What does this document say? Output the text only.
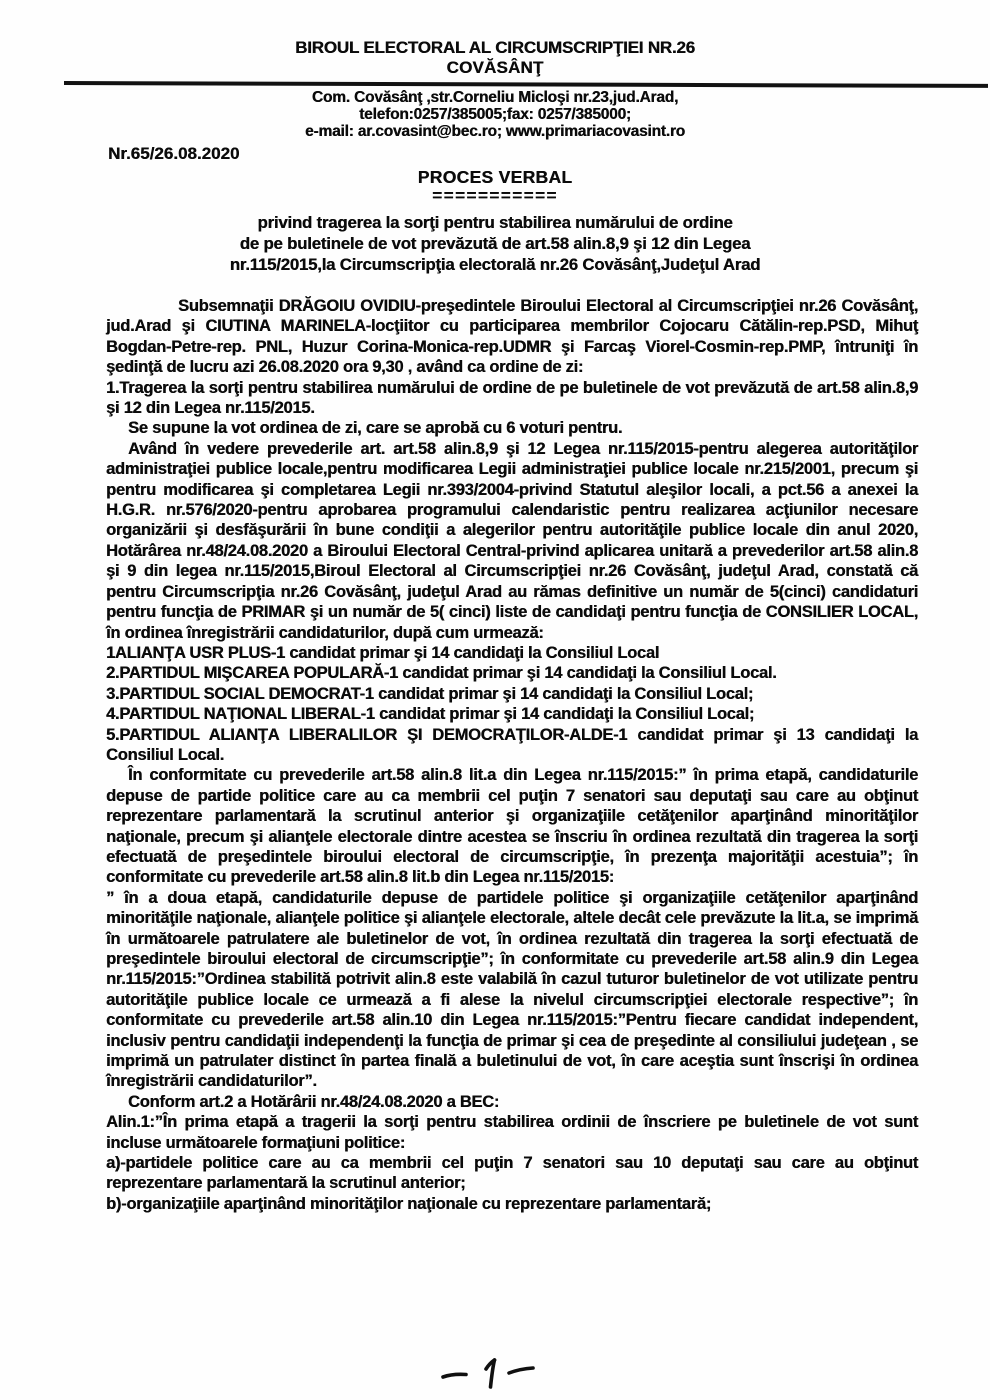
BIROUL ELECTORAL AL CIRCUMSCRIPŢIEI NR.26
COVĂSÂNŢ
Com. Covăsânţ ,str.Corneliu Micloşi nr.23,jud.Arad,
telefon:0257/385005;fax: 0257/385000;
e-mail: ar.covasint@bec.ro; www.primariacovasint.ro
Nr.65/26.08.2020
PROCES VERBAL
===========
privind tragerea la sorţi pentru stabilirea numărului de ordine
de pe buletinele de vot prevăzută de art.58 alin.8,9 şi 12 din Legea
nr.115/2015,la Circumscripţia electorală nr.26 Covăsânţ,Judeţul Arad

Subsemnaţii DRĂGOIU OVIDIU-preşedintele Biroului Electoral al Circumscripţiei nr.26 Covăsânţ, jud.Arad şi CIUTINA MARINELA-locţiitor cu participarea membrilor Cojocaru Cătălin-rep.PSD, Mihuţ Bogdan-Petre-rep. PNL, Huzur Corina-Monica-rep.UDMR şi Farcaş Viorel-Cosmin-rep.PMP, întruniţi în şedinţă de lucru azi 26.08.2020 ora 9,30 , având ca ordine de zi:

1.Tragerea la sorţi pentru stabilirea numărului de ordine de pe buletinele de vot prevăzută de art.58 alin.8,9 şi 12 din Legea nr.115/2015.

Se supune la vot ordinea de zi, care se aprobă cu 6 voturi pentru.

Având în vedere prevederile art. art.58 alin.8,9 şi 12 Legea nr.115/2015-pentru alegerea autorităţilor administraţiei publice locale,pentru modificarea Legii administraţiei publice locale nr.215/2001, precum şi pentru modificarea şi completarea Legii nr.393/2004-privind Statutul aleşilor locali, a pct.56 a anexei la H.G.R. nr.576/2020-pentru aprobarea programului calendaristic pentru realizarea acţiunilor necesare organizării şi desfăşurării în bune condiţii a alegerilor pentru autorităţile publice locale din anul 2020, Hotărârea nr.48/24.08.2020 a Biroului Electoral Central-privind aplicarea unitară a prevederilor art.58 alin.8 şi 9 din legea nr.115/2015,Biroul Electoral al Circumscripţiei nr.26 Covăsânţ, judeţul Arad, constată că pentru Circumscripţia nr.26 Covăsânţ, judeţul Arad au rămas definitive un număr de 5(cinci) candidaturi pentru funcţia de PRIMAR şi un număr de 5( cinci) liste de candidaţi pentru funcţia de CONSILIER LOCAL, în ordinea înregistrării candidaturilor, după cum urmează:

1ALIANŢA USR PLUS-1 candidat primar şi 14 candidaţi la Consiliul Local

2.PARTIDUL MIŞCAREA POPULARĂ-1 candidat primar şi 14 candidaţi la Consiliul Local.

3.PARTIDUL SOCIAL DEMOCRAT-1 candidat primar şi 14 candidaţi la Consiliul Local;

4.PARTIDUL NAŢIONAL LIBERAL-1 candidat primar şi 14 candidaţi la Consiliul Local;

5.PARTIDUL ALIANŢA LIBERALILOR ŞI DEMOCRAŢILOR-ALDE-1 candidat primar şi 13 candidaţi la Consiliul Local.

În conformitate cu prevederile art.58 alin.8 lit.a din Legea nr.115/2015:” în prima etapă, candidaturile depuse de partide politice care au ca membrii cel puţin 7 senatori sau deputaţi sau care au obţinut reprezentare parlamentară la scrutinul anterior şi organizaţiile cetăţenilor aparţinând minorităţilor naţionale, precum şi alianţele electorale dintre acestea se înscriu în ordinea rezultată din tragerea la sorţi efectuată de preşedintele biroului electoral de circumscripţie, în prezenţa majorităţii acestuia”; în conformitate cu prevederile art.58 alin.8 lit.b din Legea nr.115/2015:

” în a doua etapă, candidaturile depuse de partidele politice şi organizaţiile cetăţenilor aparţinând minorităţile naţionale, alianţele politice şi alianţele electorale, altele decât cele prevăzute la lit.a, se imprimă în următoarele patrulatere ale buletinelor de vot, în ordinea rezultată din tragerea la sorţi efectuată de preşedintele biroului electoral de circumscripţie”; în conformitate cu prevederile art.58 alin.9 din Legea nr.115/2015:”Ordinea stabilită potrivit alin.8 este valabilă în cazul tuturor buletinelor de vot utilizate pentru autorităţile publice locale ce urmează a fi alese la nivelul circumscripţiei electorale respective”; în conformitate cu prevederile art.58 alin.10 din Legea nr.115/2015:”Pentru fiecare candidat independent, inclusiv pentru candidaţii independenţi la funcţia de primar şi cea de preşedinte al consiliului judeţean , se imprimă un patrulater distinct în partea finală a buletinului de vot, în care aceştia sunt înscrişi în ordinea înregistrării candidaturilor”.

Conform art.2 a Hotărârii nr.48/24.08.2020 a BEC:

Alin.1:”În prima etapă a tragerii la sorţi pentru stabilirea ordinii de înscriere pe buletinele de vot sunt incluse următoarele formaţiuni politice:

a)-partidele politice care au ca membrii cel puţin 7 senatori sau 10 deputaţi sau care au obţinut reprezentare parlamentară la scrutinul anterior;

b)-organizaţiile aparţinând minorităţilor naţionale cu reprezentare parlamentară;
